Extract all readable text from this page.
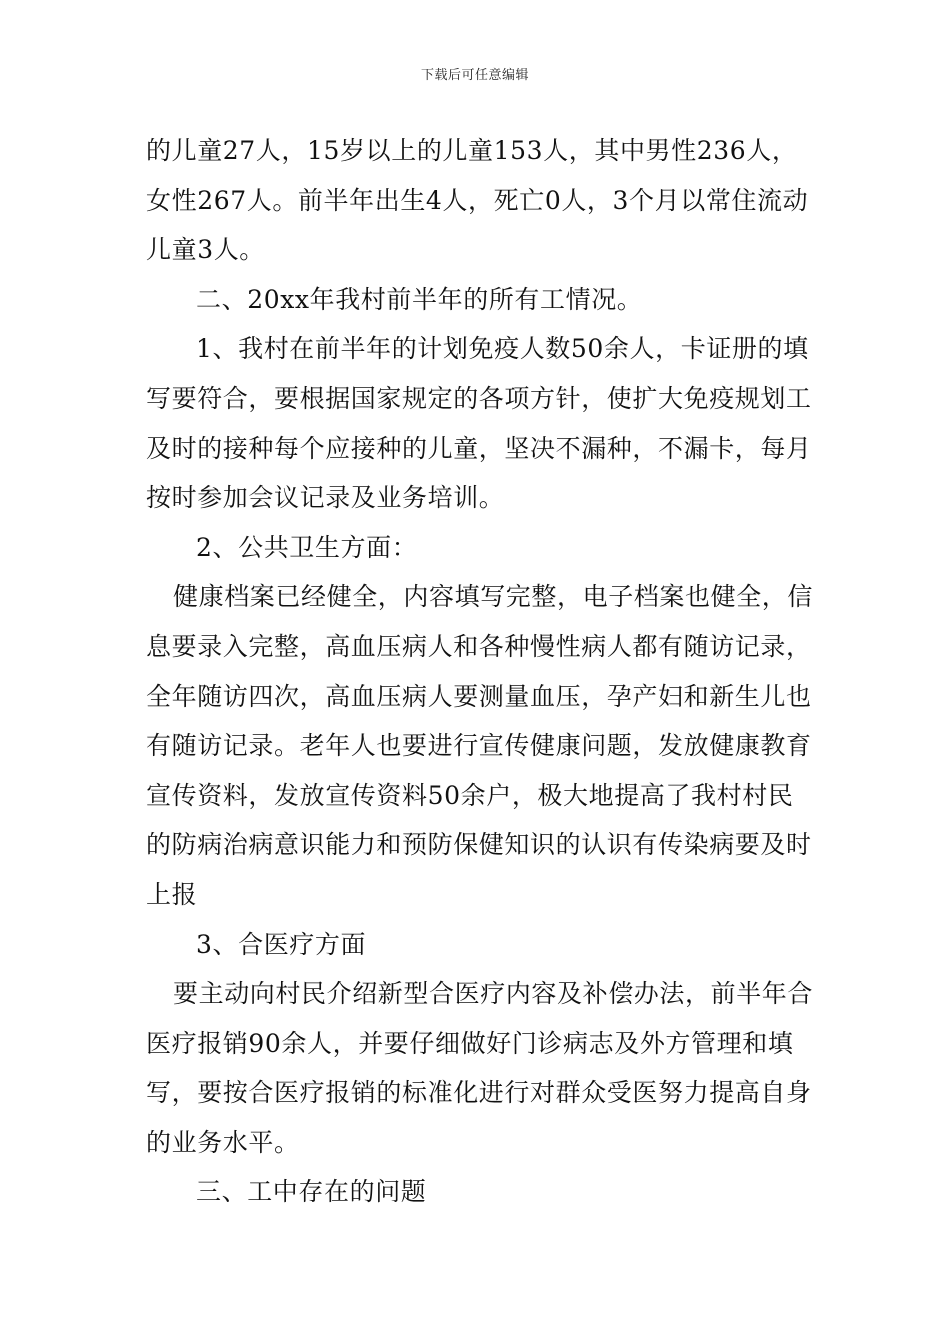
下载后可任意编辑

的儿童27人，15岁以上的儿童153人，其中男性236人，女性267人。前半年出生4人，死亡0人，3个月以常住流动儿童3人。

二、20xx年我村前半年的所有工情况。

1、我村在前半年的计划免疫人数50余人，卡证册的填写要符合，要根据国家规定的各项方针，使扩大免疫规划工及时的接种每个应接种的儿童，坚决不漏种，不漏卡，每月按时参加会议记录及业务培训。

2、公共卫生方面：

健康档案已经健全，内容填写完整，电子档案也健全，信息要录入完整，高血压病人和各种慢性病人都有随访记录，全年随访四次，高血压病人要测量血压，孕产妇和新生儿也有随访记录。老年人也要进行宣传健康问题，发放健康教育宣传资料，发放宣传资料50余户，极大地提高了我村村民的防病治病意识能力和预防保健知识的认识有传染病要及时上报

3、合医疗方面

要主动向村民介绍新型合医疗内容及补偿办法，前半年合医疗报销90余人，并要仔细做好门诊病志及外方管理和填写，要按合医疗报销的标准化进行对群众受医努力提高自身的业务水平。

三、工中存在的问题
